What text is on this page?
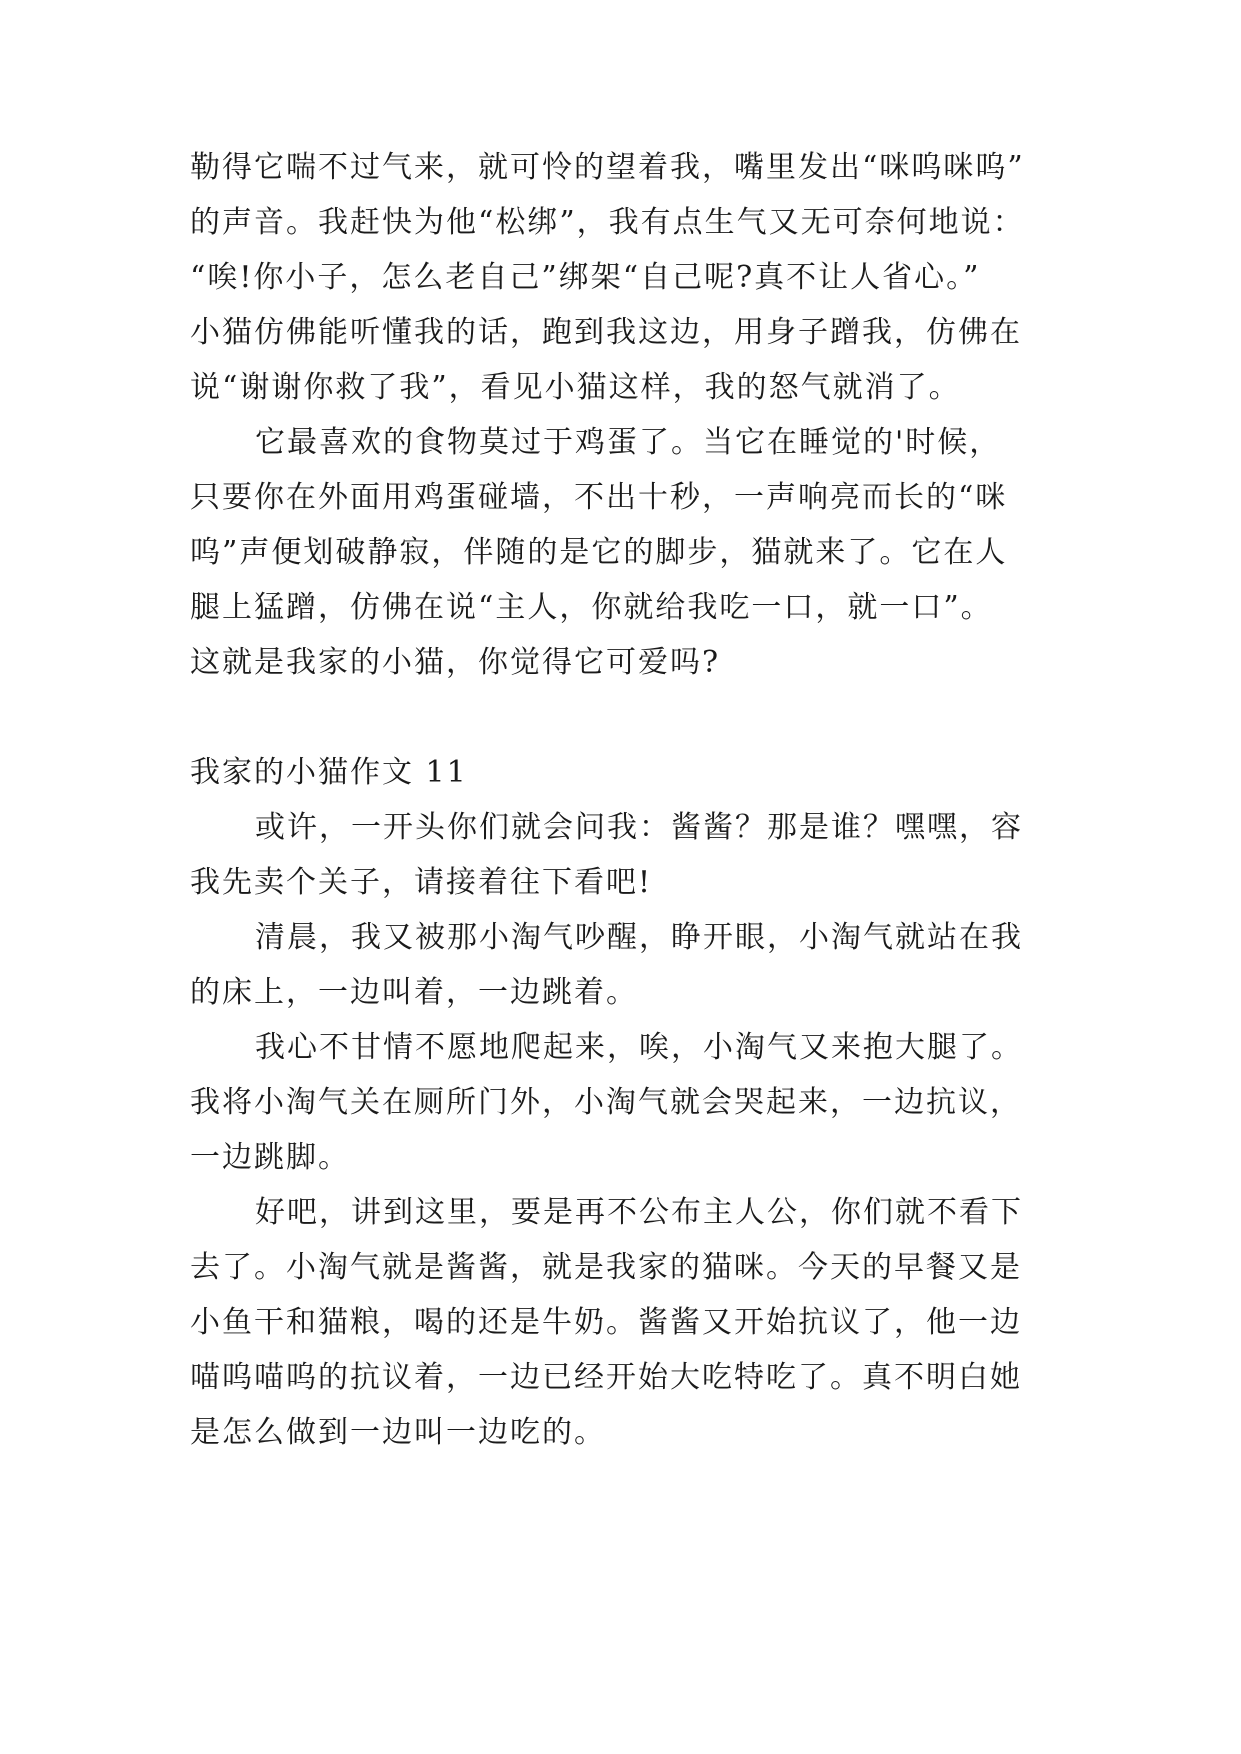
勒得它喘不过气来，就可怜的望着我，嘴里发出“咪呜咪呜”
的声音。我赶快为他“松绑”，我有点生气又无可奈何地说：
“唉!你小子，怎么老自己”绑架“自己呢?真不让人省心。”
小猫仿佛能听懂我的话，跑到我这边，用身子蹭我，仿佛在
说“谢谢你救了我”，看见小猫这样，我的怒气就消了。
它最喜欢的食物莫过于鸡蛋了。当它在睡觉的'时候，
只要你在外面用鸡蛋碰墙，不出十秒，一声响亮而长的“咪
呜”声便划破静寂，伴随的是它的脚步，猫就来了。它在人
腿上猛蹭，仿佛在说“主人，你就给我吃一口，就一口”。
这就是我家的小猫，你觉得它可爱吗?
我家的小猫作文 11
或许，一开头你们就会问我：酱酱？那是谁？嘿嘿，容
我先卖个关子，请接着往下看吧!
清晨，我又被那小淘气吵醒，睁开眼，小淘气就站在我
的床上，一边叫着，一边跳着。
我心不甘情不愿地爬起来，唉，小淘气又来抱大腿了。
我将小淘气关在厕所门外，小淘气就会哭起来，一边抗议，
一边跳脚。
好吧，讲到这里，要是再不公布主人公，你们就不看下
去了。小淘气就是酱酱，就是我家的猫咪。今天的早餐又是
小鱼干和猫粮，喝的还是牛奶。酱酱又开始抗议了，他一边
喵呜喵呜的抗议着，一边已经开始大吃特吃了。真不明白她
是怎么做到一边叫一边吃的。
